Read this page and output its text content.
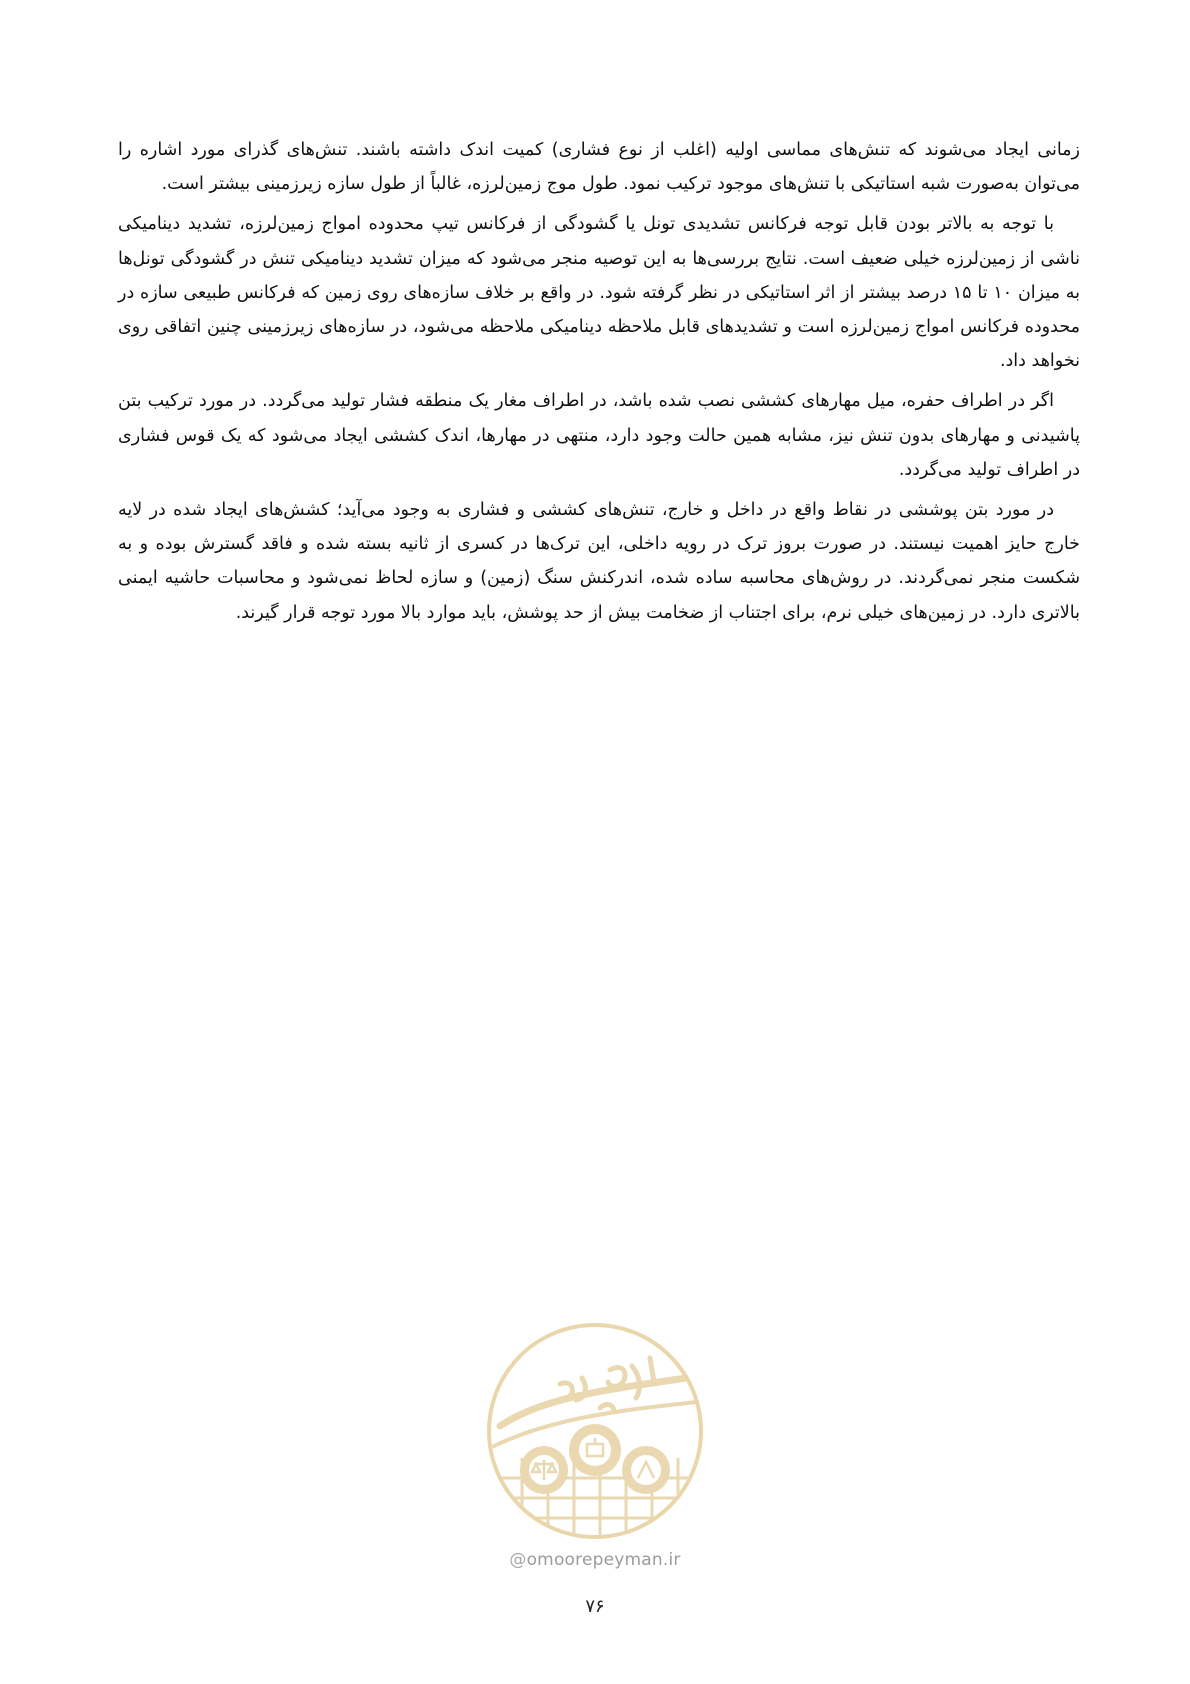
زمانی ایجاد می‌شوند که تنش‌های مماسی اولیه (اغلب از نوع فشاری) کمیت اندک داشته باشند. تنش‌های گذرای مورد اشاره را می‌توان به‌صورت شبه استاتیکی با تنش‌های موجود ترکیب نمود. طول موج زمین‌لرزه، غالباً از طول سازه زیرزمینی بیشتر است.

با توجه به بالاتر بودن قابل توجه فرکانس تشدیدی تونل یا گشودگی از فرکانس تیپ محدوده امواج زمین‌لرزه، تشدید دینامیکی ناشی از زمین‌لرزه خیلی ضعیف است. نتایج بررسی‌ها به این توصیه منجر می‌شود که میزان تشدید دینامیکی تنش در گشودگی تونل‌ها به میزان ۱۰ تا ۱۵ درصد بیشتر از اثر استاتیکی در نظر گرفته شود. در واقع بر خلاف سازه‌های روی زمین که فرکانس طبیعی سازه در محدوده فرکانس امواج زمین‌لرزه است و تشدیدهای قابل ملاحظه دینامیکی ملاحظه می‌شود، در سازه‌های زیرزمینی چنین اتفاقی روی نخواهد داد.

اگر در اطراف حفره، میل مهارهای کششی نصب شده باشد، در اطراف مغار یک منطقه فشار تولید می‌گردد. در مورد ترکیب بتن پاشیدنی و مهارهای بدون تنش نیز، مشابه همین حالت وجود دارد، منتهی در مهارها، اندک کششی ایجاد می‌شود که یک قوس فشاری در اطراف تولید می‌گردد.

در مورد بتن پوششی در نقاط واقع در داخل و خارج، تنش‌های کششی و فشاری به وجود می‌آید؛ کشش‌های ایجاد شده در لایه خارج حایز اهمیت نیستند. در صورت بروز ترک در رویه داخلی، این ترک‌ها در کسری از ثانیه بسته شده و فاقد گسترش بوده و به شکست منجر نمی‌گردند. در روش‌های محاسبه ساده شده، اندرکنش سنگ (زمین) و سازه لحاظ نمی‌شود و محاسبات حاشیه ایمنی بالاتری دارد. در زمین‌های خیلی نرم، برای اجتناب از ضخامت بیش از حد پوشش، باید موارد بالا مورد توجه قرار گیرند.

@omoorepeyman.ir
۷۶
